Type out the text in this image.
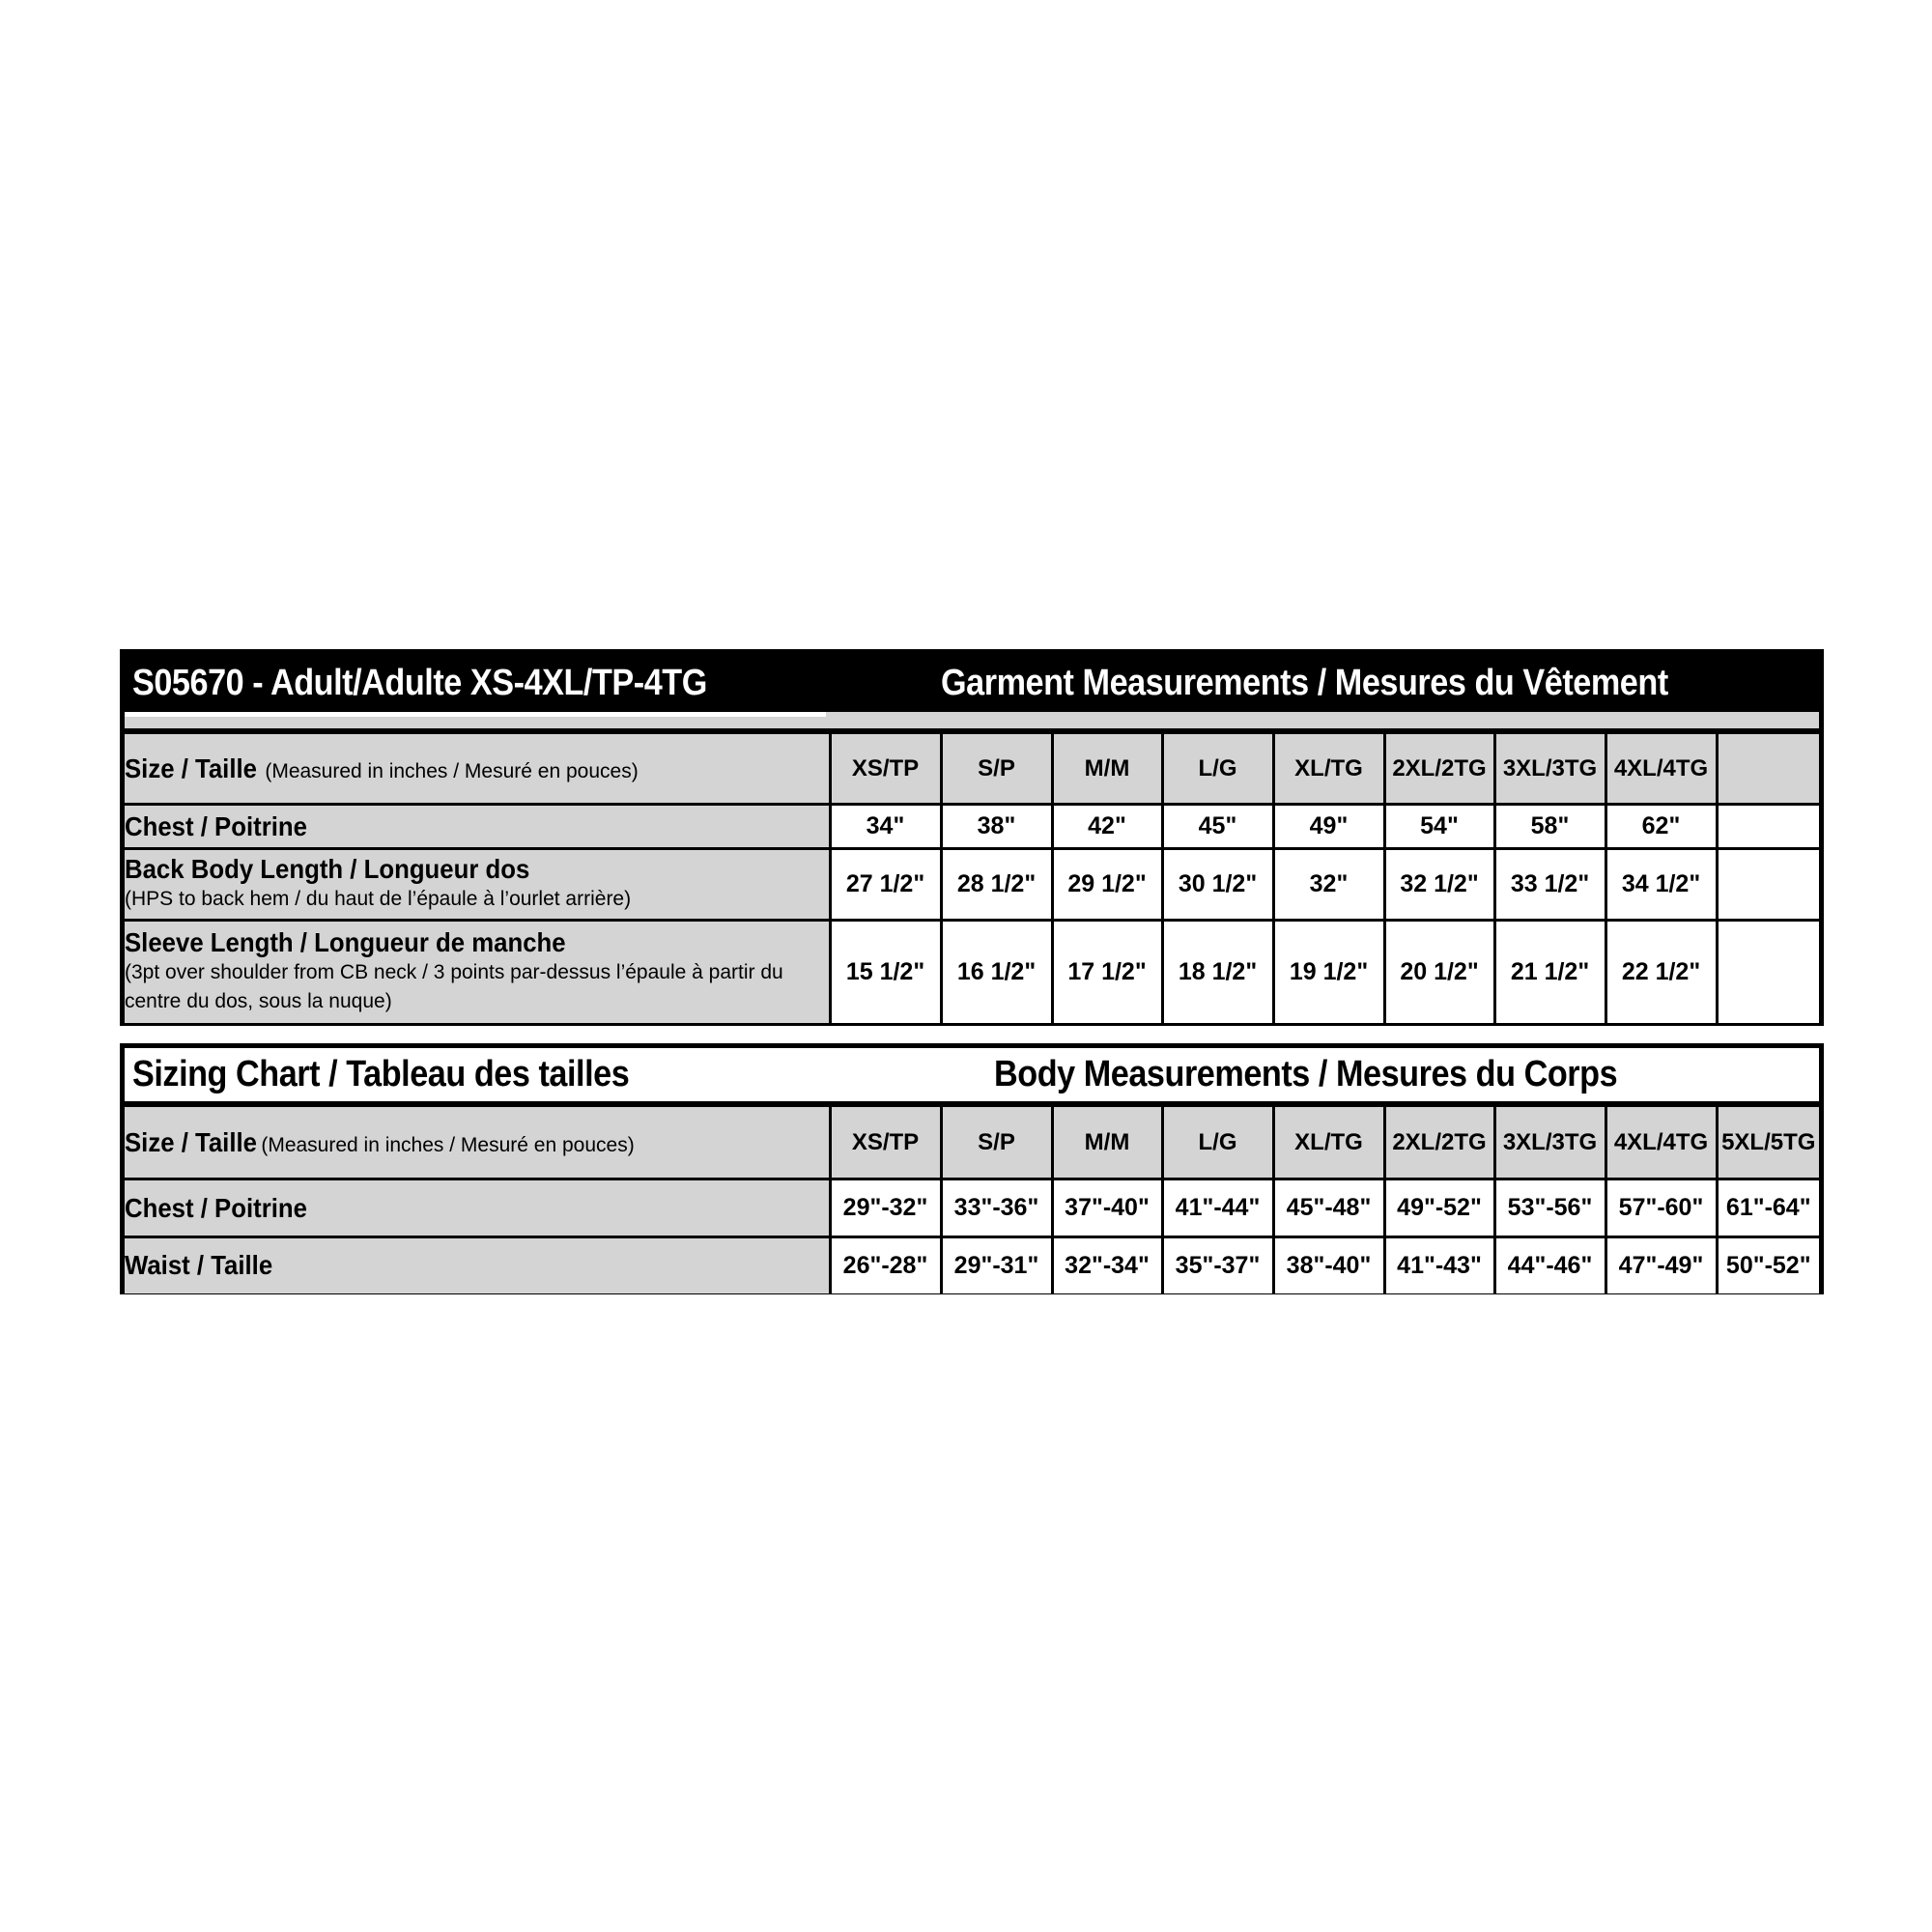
S05670 - Adult/Adulte XS-4XL/TP-4TG	Garment Measurements / Mesures du Vêtement
Size / Taille (Measured in inches / Mesuré en pouces)	XS/TP	S/P	M/M	L/G	XL/TG	2XL/2TG	3XL/3TG	4XL/4TG	
Chest / Poitrine	34"	38"	42"	45"	49"	54"	58"	62"	
Back Body Length / Longueur dos
(HPS to back hem / du haut de l’épaule à l’ourlet arrière)	27 1/2"	28 1/2"	29 1/2"	30 1/2"	32"	32 1/2"	33 1/2"	34 1/2"	
Sleeve Length / Longueur de manche
(3pt over shoulder from CB neck / 3 points par-dessus l’épaule à partir du centre du dos, sous la nuque)	15 1/2"	16 1/2"	17 1/2"	18 1/2"	19 1/2"	20 1/2"	21 1/2"	22 1/2"	
Sizing Chart / Tableau des tailles	Body Measurements / Mesures du Corps
Size / Taille (Measured in inches / Mesuré en pouces)	XS/TP	S/P	M/M	L/G	XL/TG	2XL/2TG	3XL/3TG	4XL/4TG	5XL/5TG
Chest / Poitrine	29"-32"	33"-36"	37"-40"	41"-44"	45"-48"	49"-52"	53"-56"	57"-60"	61"-64"
Waist / Taille	26"-28"	29"-31"	32"-34"	35"-37"	38"-40"	41"-43"	44"-46"	47"-49"	50"-52"
